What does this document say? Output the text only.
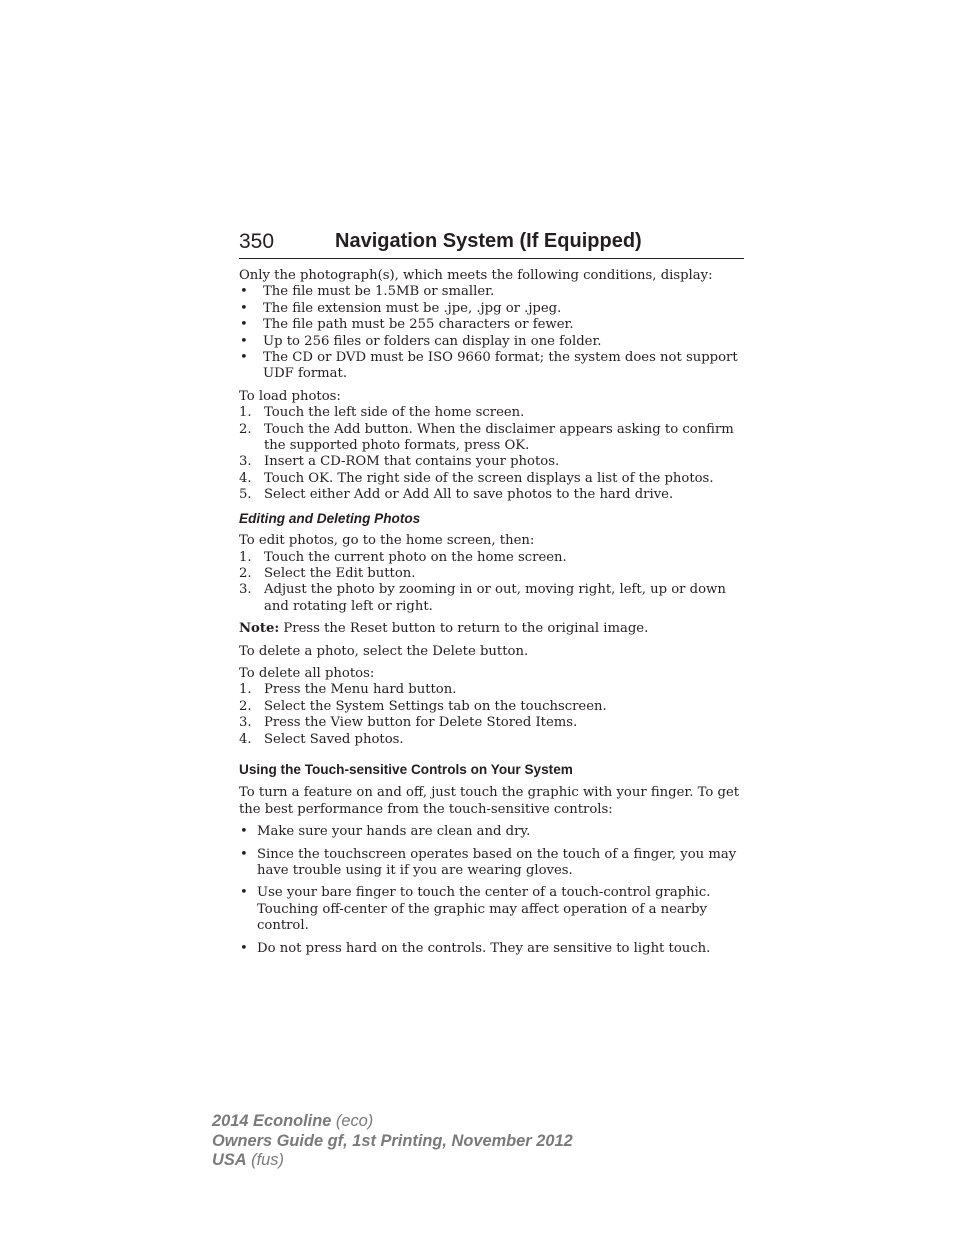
350	Navigation System (If Equipped)

Only the photograph(s), which meets the following conditions, display:

•	The file must be 1.5MB or smaller.
•	The file extension must be .jpe, .jpg or .jpeg.
•	The file path must be 255 characters or fewer.
•	Up to 256 files or folders can display in one folder.
•	The CD or DVD must be ISO 9660 format; the system does not support UDF format.

To load photos:

1. Touch the left side of the home screen.
2. Touch the Add button. When the disclaimer appears asking to confirm the supported photo formats, press OK.
3. Insert a CD-ROM that contains your photos.
4. Touch OK. The right side of the screen displays a list of the photos.
5. Select either Add or Add All to save photos to the hard drive.
Editing and Deleting Photos

To edit photos, go to the home screen, then:

1. Touch the current photo on the home screen.
2. Select the Edit button.
3. Adjust the photo by zooming in or out, moving right, left, up or down and rotating left or right.

Note: Press the Reset button to return to the original image.

To delete a photo, select the Delete button.

To delete all photos:

1. Press the Menu hard button.
2. Select the System Settings tab on the touchscreen.
3. Press the View button for Delete Stored Items.
4. Select Saved photos.
Using the Touch-sensitive Controls on Your System

To turn a feature on and off, just touch the graphic with your finger. To get the best performance from the touch-sensitive controls:

• Make sure your hands are clean and dry.
• Since the touchscreen operates based on the touch of a finger, you may have trouble using it if you are wearing gloves.
• Use your bare finger to touch the center of a touch-control graphic. Touching off-center of the graphic may affect operation of a nearby control.
• Do not press hard on the controls. They are sensitive to light touch.
2014 Econoline (eco)
Owners Guide gf, 1st Printing, November 2012
USA (fus)
